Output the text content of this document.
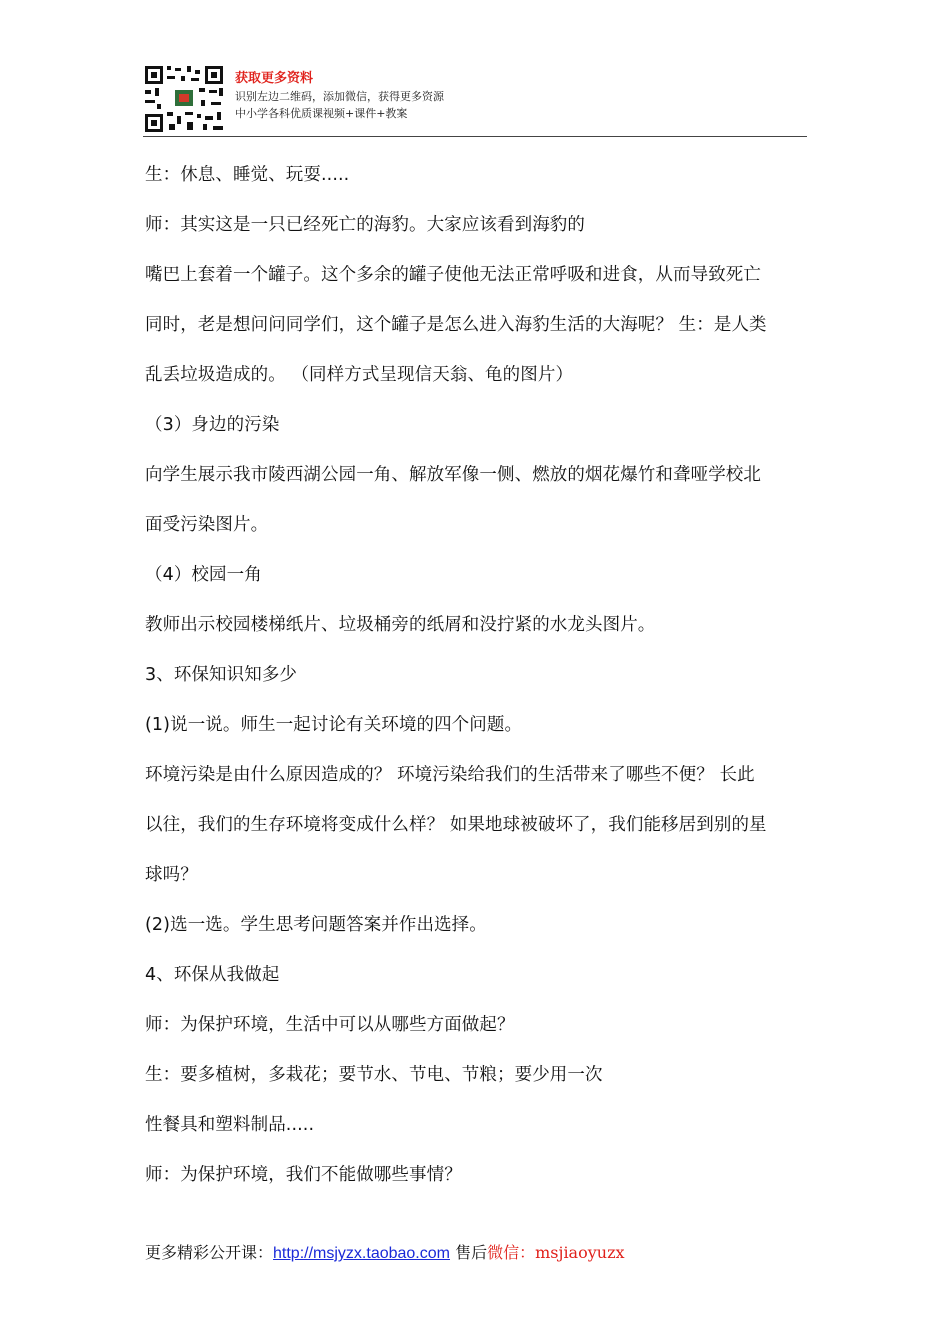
获取更多资料
识别左边二维码，添加微信，获得更多资源
中小学各科优质课视频+课件+教案
生：休息、睡觉、玩耍.....
师：其实这是一只已经死亡的海豹。大家应该看到海豹的
嘴巴上套着一个罐子。这个多余的罐子使他无法正常呼吸和进食，从而导致死亡
同时，老是想问问同学们，这个罐子是怎么进入海豹生活的大海呢？ 生：是人类
乱丢垃圾造成的。 （同样方式呈现信天翁、龟的图片）
（3）身边的污染
向学生展示我市陵西湖公园一角、解放军像一侧、燃放的烟花爆竹和聋哑学校北
面受污染图片。
（4）校园一角
教师出示校园楼梯纸片、垃圾桶旁的纸屑和没拧紧的水龙头图片。
3、环保知识知多少
(1)说一说。师生一起讨论有关环境的四个问题。
环境污染是由什么原因造成的？ 环境污染给我们的生活带来了哪些不便？ 长此
以往，我们的生存环境将变成什么样？ 如果地球被破坏了，我们能移居到别的星
球吗？
(2)选一选。学生思考问题答案并作出选择。
4、环保从我做起
师：为保护环境，生活中可以从哪些方面做起？
生：要多植树，多栽花；要节水、节电、节粮；要少用一次
性餐具和塑料制品.....
师：为保护环境，我们不能做哪些事情？
更多精彩公开课：http://msjyzx.taobao.com 售后微信：msjiaoyuzx
